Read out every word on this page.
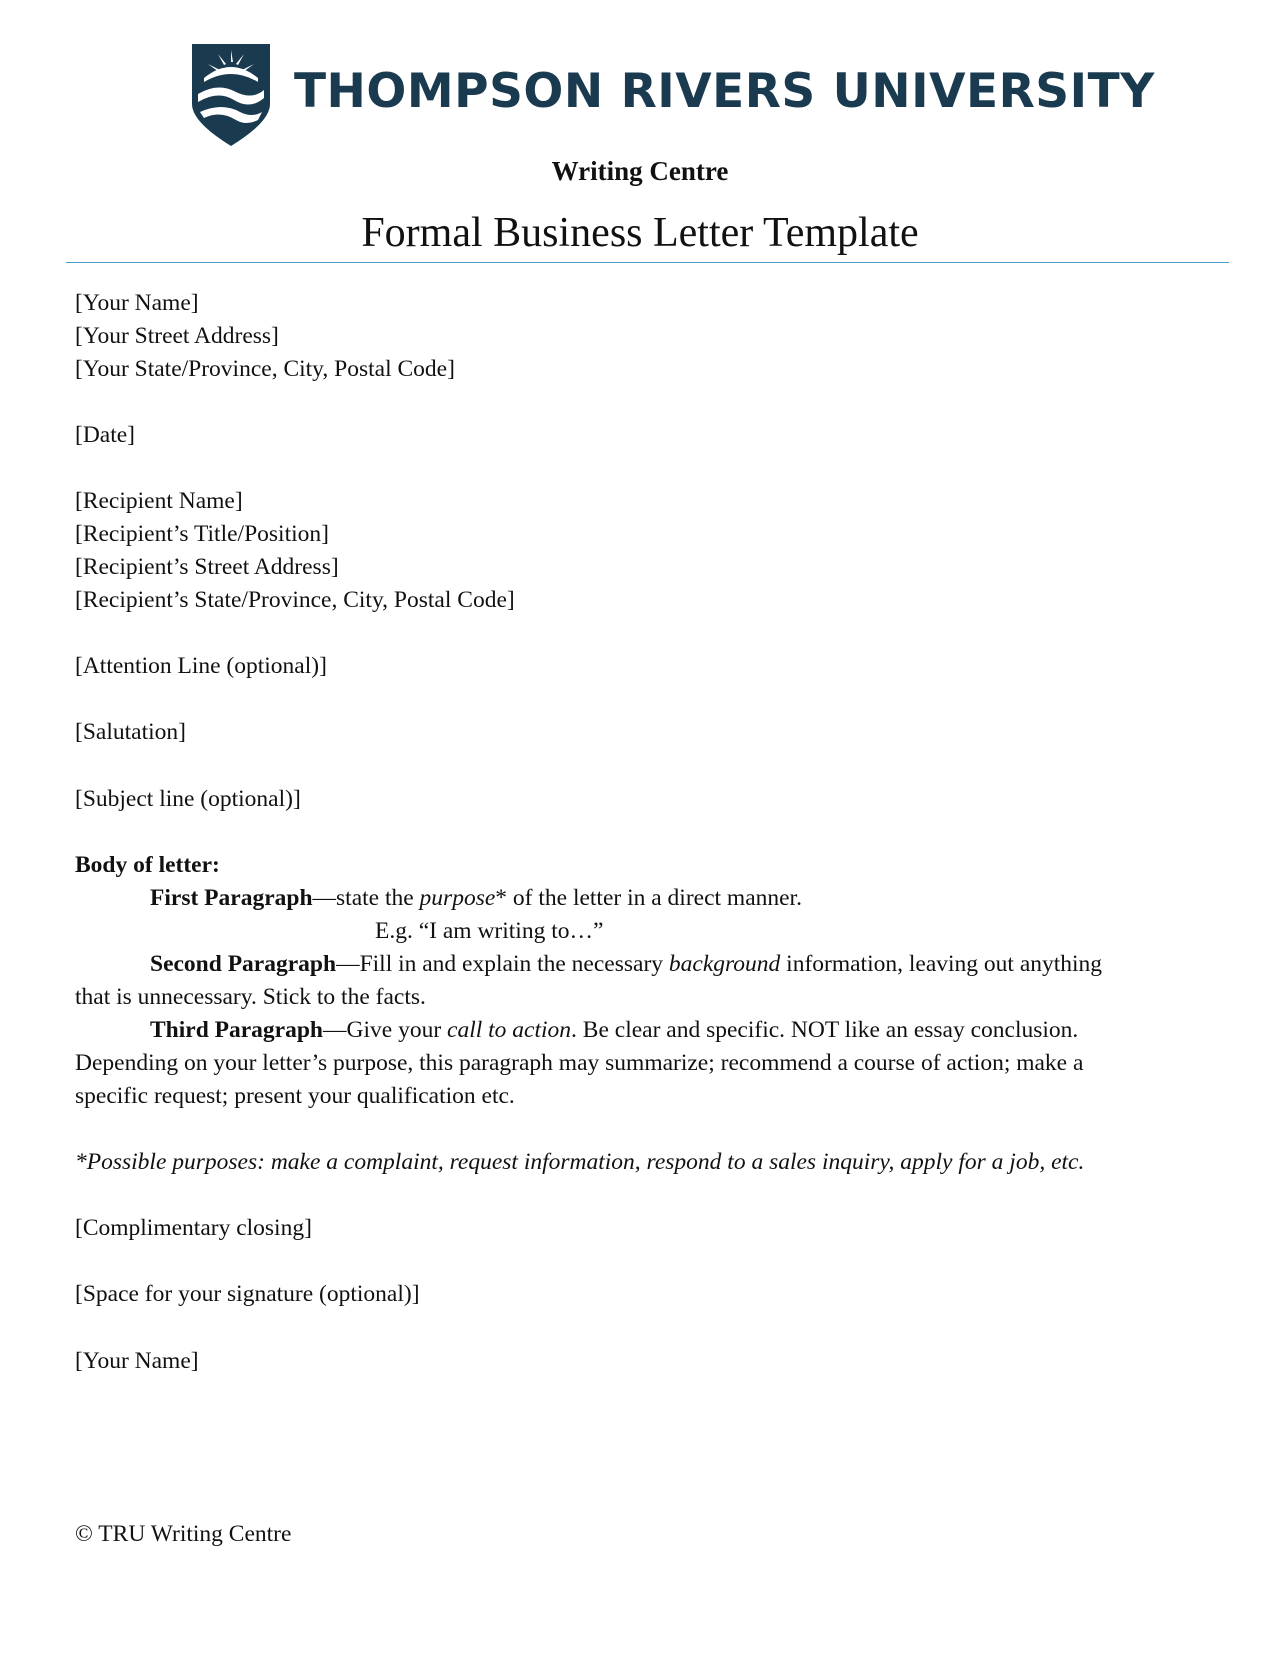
THOMPSON RIVERS UNIVERSITY
Writing Centre
Formal Business Letter Template
[Your Name]
[Your Street Address]
[Your State/Province, City, Postal Code]
[Date]
[Recipient Name]
[Recipient’s Title/Position]
[Recipient’s Street Address]
[Recipient’s State/Province, City, Postal Code]
[Attention Line (optional)]
[Salutation]
[Subject line (optional)]
Body of letter:
First Paragraph—state the purpose* of the letter in a direct manner.
E.g. “I am writing to…”
Second Paragraph—Fill in and explain the necessary background information, leaving out anything
that is unnecessary. Stick to the facts.
Third Paragraph—Give your call to action. Be clear and specific. NOT like an essay conclusion.
Depending on your letter’s purpose, this paragraph may summarize; recommend a course of action; make a
specific request; present your qualification etc.
*Possible purposes: make a complaint, request information, respond to a sales inquiry, apply for a job, etc.
[Complimentary closing]
[Space for your signature (optional)]
[Your Name]
© TRU Writing Centre
